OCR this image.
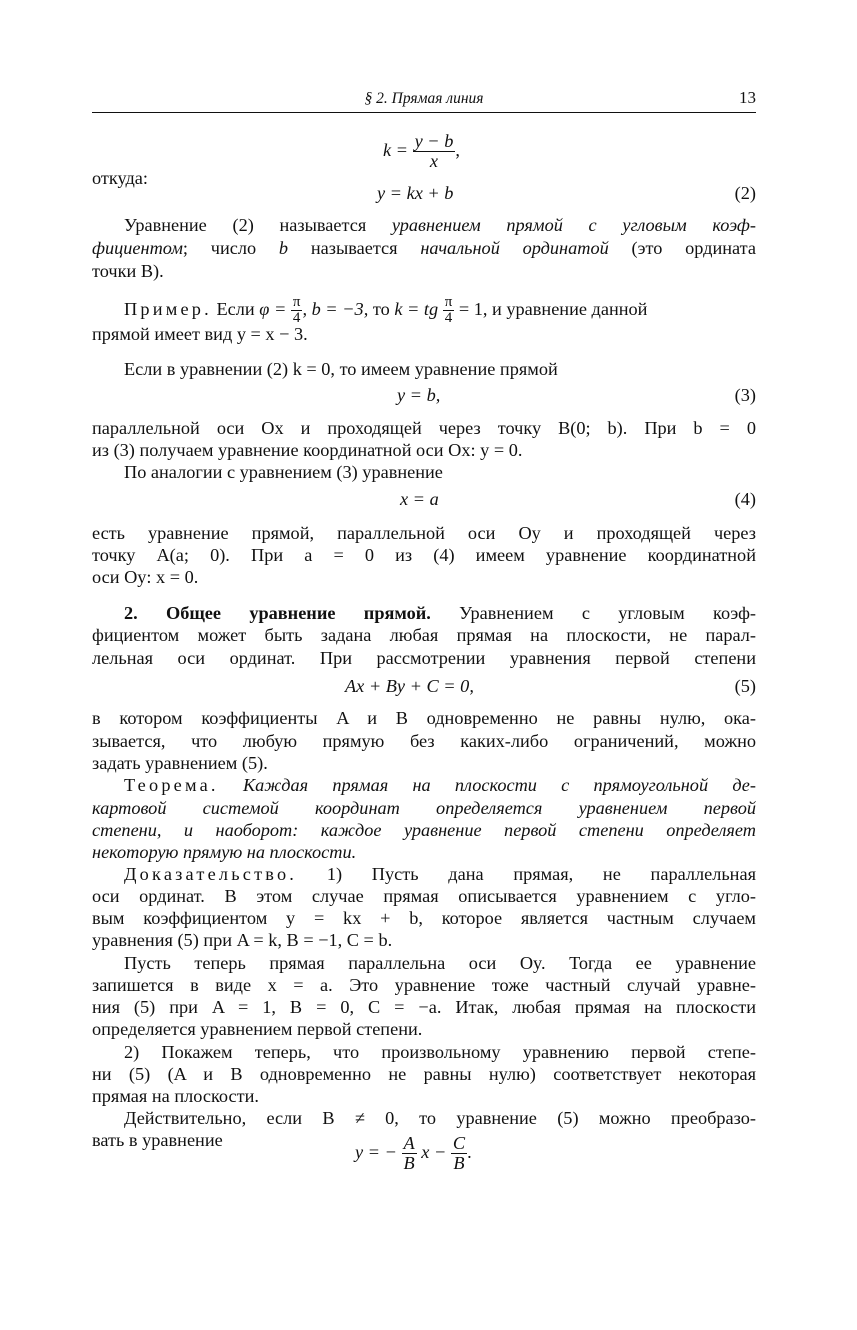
§ 2. Прямая линия	13
$k = \frac{y - b}{x}$ ,
откуда:
y = kx + b	(2)
Уравнение (2) называется уравнением прямой с угловым коэф-
фициентом; число b называется начальной ординатой (это ордината
точки B).
Пример. Если $\varphi = \frac{\pi}{4}$ , b = −3, то k = tg $\frac{\pi}{4} = 1$, и уравнение данной
прямой имеет вид y = x − 3.
Если в уравнении (2) k = 0, то имеем уравнение прямой
y = b,	(3)
параллельной оси Ox и проходящей через точку B(0; b). При b = 0
из (3) получаем уравнение координатной оси Ox: y = 0.
По аналогии с уравнением (3) уравнение
x = a	(4)
есть уравнение прямой, параллельной оси Oy и проходящей через
точку A(a; 0). При a = 0 из (4) имеем уравнение координатной
оси Oy: x = 0.
2. Общее уравнение прямой. Уравнением с угловым коэф-
фициентом может быть задана любая прямая на плоскости, не парал-
лельная оси ординат. При рассмотрении уравнения первой степени
Ax + By + C = 0,	(5)
в котором коэффициенты A и B одновременно не равны нулю, ока-
зывается, что любую прямую без каких-либо ограничений, можно
задать уравнением (5).
Теорема. Каждая прямая на плоскости с прямоугольной де-
картовой системой координат определяется уравнением первой
степени, и наоборот: каждое уравнение первой степени определяет
некоторую прямую на плоскости.
Доказательство. 1) Пусть дана прямая, не параллельная
оси ординат. В этом случае прямая описывается уравнением с угло-
вым коэффициентом y = kx + b, которое является частным случаем
уравнения (5) при A = k, B = −1, C = b.
Пусть теперь прямая параллельна оси Oy. Тогда ее уравнение
запишется в виде x = a. Это уравнение тоже частный случай уравне-
ния (5) при A = 1, B = 0, C = −a. Итак, любая прямая на плоскости
определяется уравнением первой степени.
2) Покажем теперь, что произвольному уравнению первой степе-
ни (5) (A и B одновременно не равны нулю) соответствует некоторая
прямая на плоскости.
Действительно, если B ≠ 0, то уравнение (5) можно преобразо-
вать в уравнение
y = − $\frac{A}{B}$ $x - \frac{C}{B}$ .
